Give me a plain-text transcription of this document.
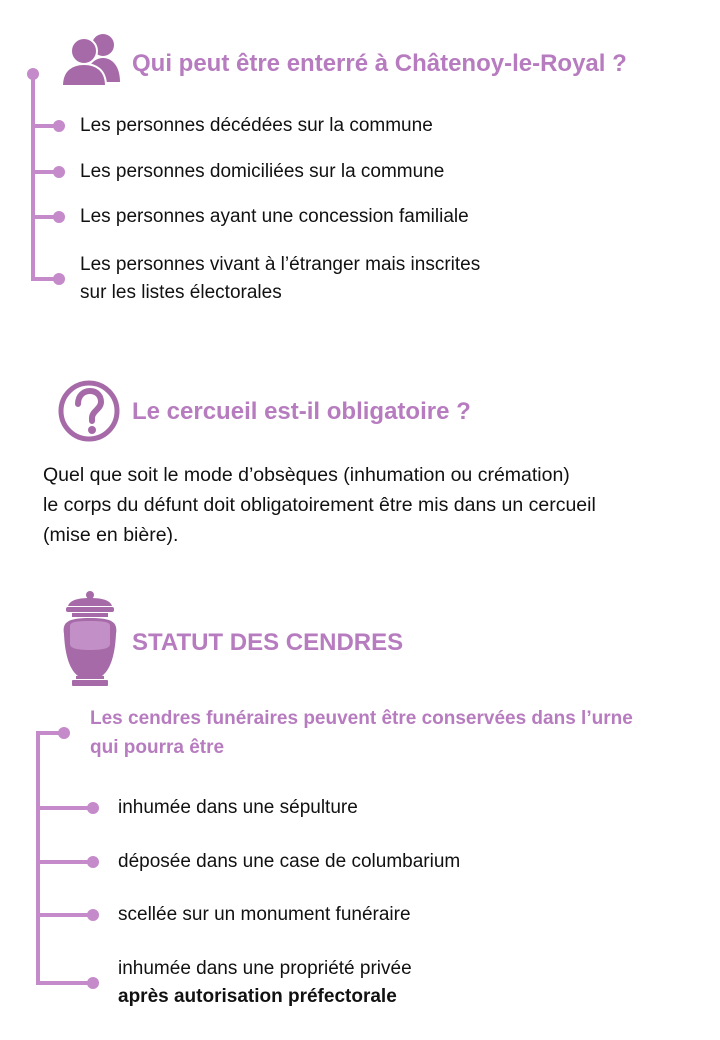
Qui peut être enterré à Châtenoy-le-Royal ?
Les personnes décédées sur la commune
Les personnes domiciliées sur la commune
Les personnes ayant une concession familiale
Les personnes vivant à l’étranger mais inscrites
sur les listes électorales
Le cercueil est-il obligatoire ?
Quel que soit le mode d’obsèques (inhumation ou crémation)
le corps du défunt doit obligatoirement être mis dans un cercueil
(mise en bière).
STATUT DES CENDRES
Les cendres funéraires peuvent être conservées dans l’urne
qui pourra être
inhumée dans une sépulture
déposée dans une case de columbarium
scellée sur un monument funéraire
inhumée dans une propriété privée
après autorisation préfectorale
